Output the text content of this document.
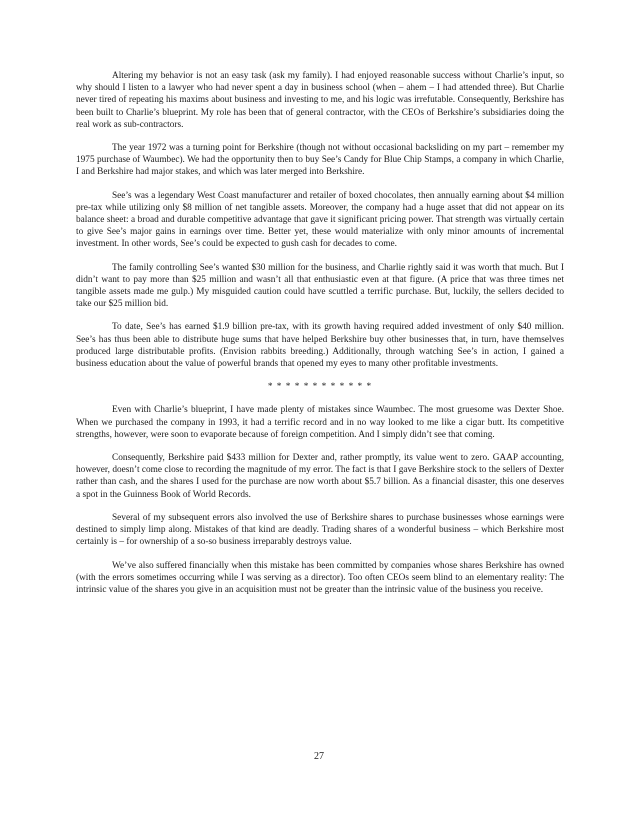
Altering my behavior is not an easy task (ask my family). I had enjoyed reasonable success without Charlie’s input, so why should I listen to a lawyer who had never spent a day in business school (when – ahem – I had attended three). But Charlie never tired of repeating his maxims about business and investing to me, and his logic was irrefutable. Consequently, Berkshire has been built to Charlie’s blueprint. My role has been that of general contractor, with the CEOs of Berkshire’s subsidiaries doing the real work as sub-contractors.

The year 1972 was a turning point for Berkshire (though not without occasional backsliding on my part – remember my 1975 purchase of Waumbec). We had the opportunity then to buy See’s Candy for Blue Chip Stamps, a company in which Charlie, I and Berkshire had major stakes, and which was later merged into Berkshire.

See’s was a legendary West Coast manufacturer and retailer of boxed chocolates, then annually earning about $4 million pre-tax while utilizing only $8 million of net tangible assets. Moreover, the company had a huge asset that did not appear on its balance sheet: a broad and durable competitive advantage that gave it significant pricing power. That strength was virtually certain to give See’s major gains in earnings over time. Better yet, these would materialize with only minor amounts of incremental investment. In other words, See’s could be expected to gush cash for decades to come.

The family controlling See’s wanted $30 million for the business, and Charlie rightly said it was worth that much. But I didn’t want to pay more than $25 million and wasn’t all that enthusiastic even at that figure. (A price that was three times net tangible assets made me gulp.) My misguided caution could have scuttled a terrific purchase. But, luckily, the sellers decided to take our $25 million bid.

To date, See’s has earned $1.9 billion pre-tax, with its growth having required added investment of only $40 million. See’s has thus been able to distribute huge sums that have helped Berkshire buy other businesses that, in turn, have themselves produced large distributable profits. (Envision rabbits breeding.) Additionally, through watching See’s in action, I gained a business education about the value of powerful brands that opened my eyes to many other profitable investments.

* * * * * * * * * * * *

Even with Charlie’s blueprint, I have made plenty of mistakes since Waumbec. The most gruesome was Dexter Shoe. When we purchased the company in 1993, it had a terrific record and in no way looked to me like a cigar butt. Its competitive strengths, however, were soon to evaporate because of foreign competition. And I simply didn’t see that coming.

Consequently, Berkshire paid $433 million for Dexter and, rather promptly, its value went to zero. GAAP accounting, however, doesn’t come close to recording the magnitude of my error. The fact is that I gave Berkshire stock to the sellers of Dexter rather than cash, and the shares I used for the purchase are now worth about $5.7 billion. As a financial disaster, this one deserves a spot in the Guinness Book of World Records.

Several of my subsequent errors also involved the use of Berkshire shares to purchase businesses whose earnings were destined to simply limp along. Mistakes of that kind are deadly. Trading shares of a wonderful business – which Berkshire most certainly is – for ownership of a so-so business irreparably destroys value.

We’ve also suffered financially when this mistake has been committed by companies whose shares Berkshire has owned (with the errors sometimes occurring while I was serving as a director). Too often CEOs seem blind to an elementary reality: The intrinsic value of the shares you give in an acquisition must not be greater than the intrinsic value of the business you receive.

27
